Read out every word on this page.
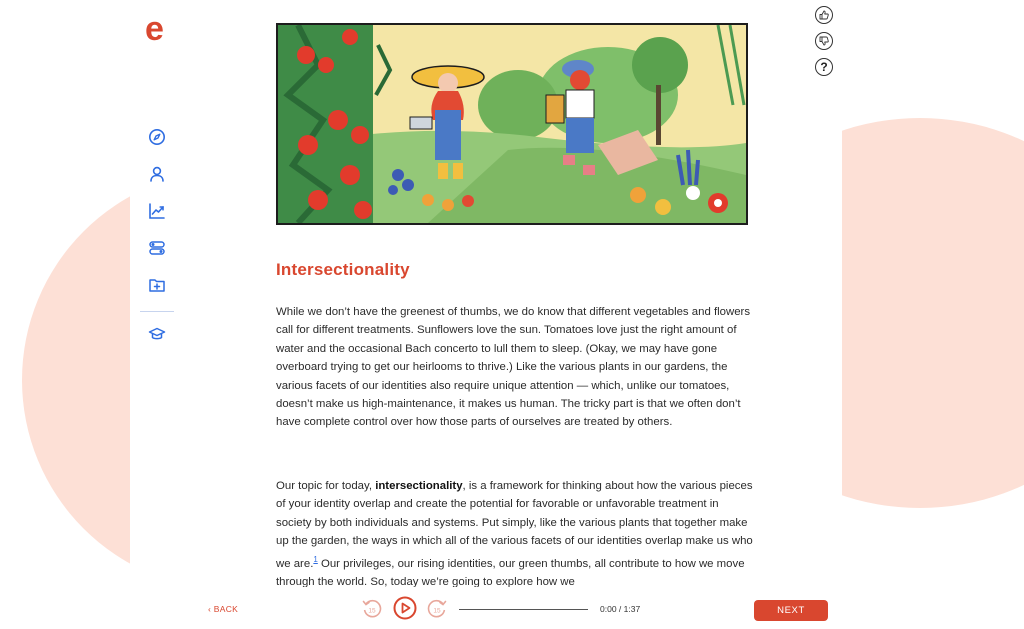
e
?
Intersectionality
While we don’t have the greenest of thumbs, we do know that different vegetables and flowers call for different treatments. Sunflowers love the sun. Tomatoes love just the right amount of water and the occasional Bach concerto to lull them to sleep. (Okay, we may have gone overboard trying to get our heirlooms to thrive.) Like the various plants in our gardens, the various facets of our identities also require unique attention — which, unlike our tomatoes, doesn’t make us high-maintenance, it makes us human. The tricky part is that we often don’t have complete control over how those parts of ourselves are treated by others.
Our topic for today, intersectionality, is a framework for thinking about how the various pieces of your identity overlap and create the potential for favorable or unfavorable treatment in society by both individuals and systems. Put simply, like the various plants that together make up the garden, the ways in which all of the various facets of our identities overlap make us who we are.$^1$ Our privileges, our rising identities, our green thumbs, all contribute to how we move through the world. So, today we’re going to explore how we
‹ BACK	15	15	0:00 / 1:37	NEXT
